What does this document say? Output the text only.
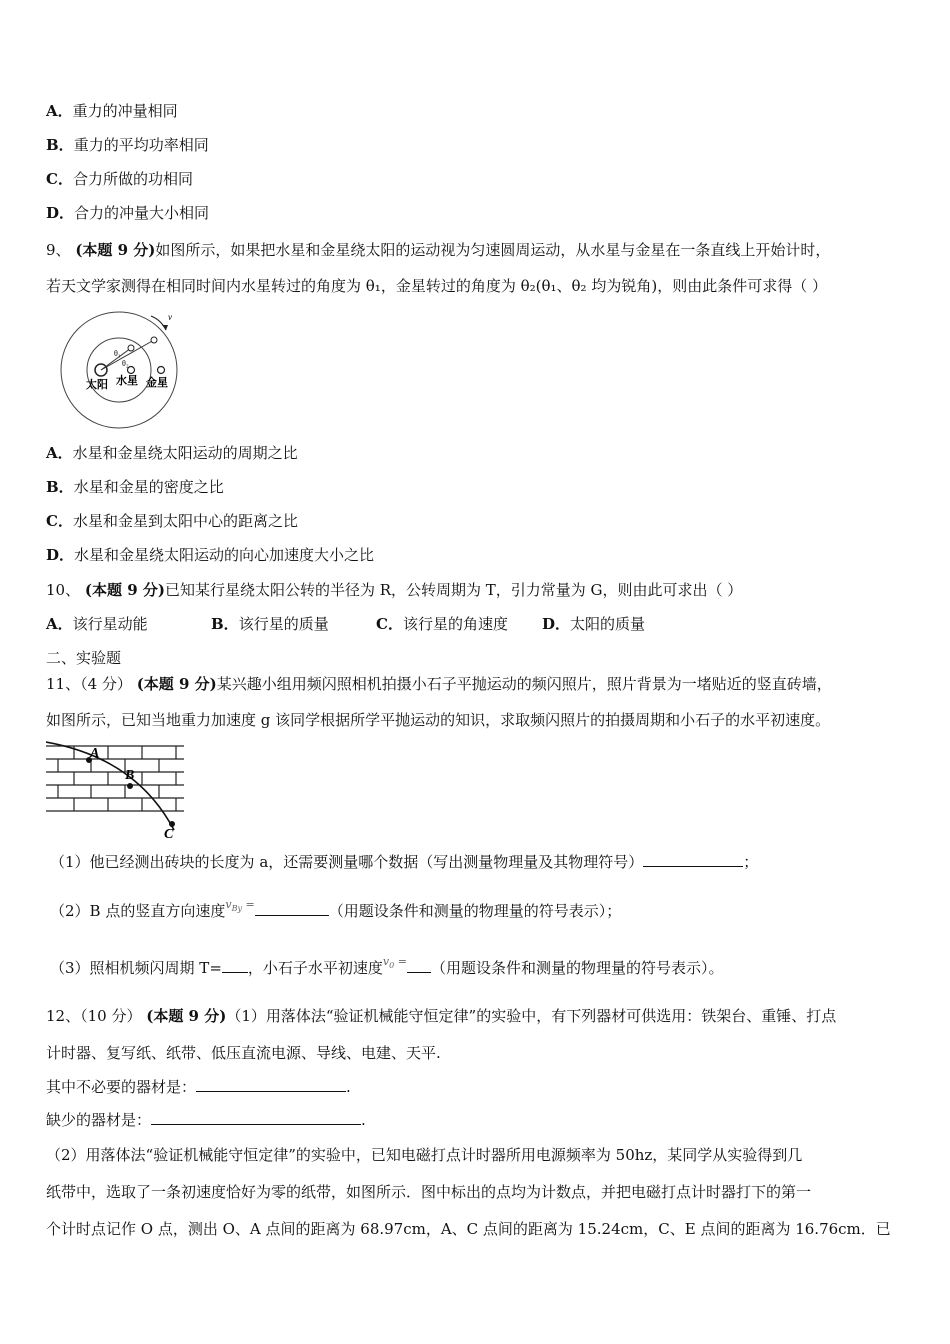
A．重力的冲量相同
B．重力的平均功率相同
C．合力所做的功相同
D．合力的冲量大小相同
9、 (本题 9 分)如图所示，如果把水星和金星绕太阳的运动视为匀速圆周运动，从水星与金星在一条直线上开始计时，
若天文学家测得在相同时间内水星转过的角度为 θ₁，金星转过的角度为 θ₂(θ₁、θ₂ 均为锐角)，则由此条件可求得（ ）
v
θ₁
θ₂
太阳 水星 金星
A．水星和金星绕太阳运动的周期之比
B．水星和金星的密度之比
C．水星和金星到太阳中心的距离之比
D．水星和金星绕太阳运动的向心加速度大小之比
10、 (本题 9 分)已知某行星绕太阳公转的半径为 R，公转周期为 T，引力常量为 G，则由此可求出（ ）
A．该行星动能	B．该行星的质量	C．该行星的角速度 D．太阳的质量
二、实验题
11、（4 分） (本题 9 分)某兴趣小组用频闪照相机拍摄小石子平抛运动的频闪照片，照片背景为一堵贴近的竖直砖墙，
如图所示，已知当地重力加速度 g 该同学根据所学平抛运动的知识，求取频闪照片的拍摄周期和小石子的水平初速度。
A
B
C
（1）他已经测出砖块的长度为 a，还需要测量哪个数据（写出测量物理量及其物理符号）	；
（2）B 点的竖直方向速度$^{v_{By} =}$	（用题设条件和测量的物理量的符号表示）；
（3）照相机频闪周期 T= ，小石子水平初速度$^{v_0 =}$ （用题设条件和测量的物理量的符号表示）。
12、（10 分） (本题 9 分)（1）用落体法“验证机械能守恒定律”的实验中，有下列器材可供选用：铁架台、重锤、打点
计时器、复写纸、纸带、低压直流电源、导线、电建、天平.
其中不必要的器材是：	.
缺少的器材是：	.
（2）用落体法“验证机械能守恒定律”的实验中，已知电磁打点计时器所用电源频率为 50hz，某同学从实验得到几
纸带中，选取了一条初速度恰好为零的纸带，如图所示．图中标出的点均为计数点，并把电磁打点计时器打下的第一
个计时点记作 O 点，测出 O、A 点间的距离为 68.97cm，A、C 点间的距离为 15.24cm，C、E 点间的距离为 16.76cm．已
